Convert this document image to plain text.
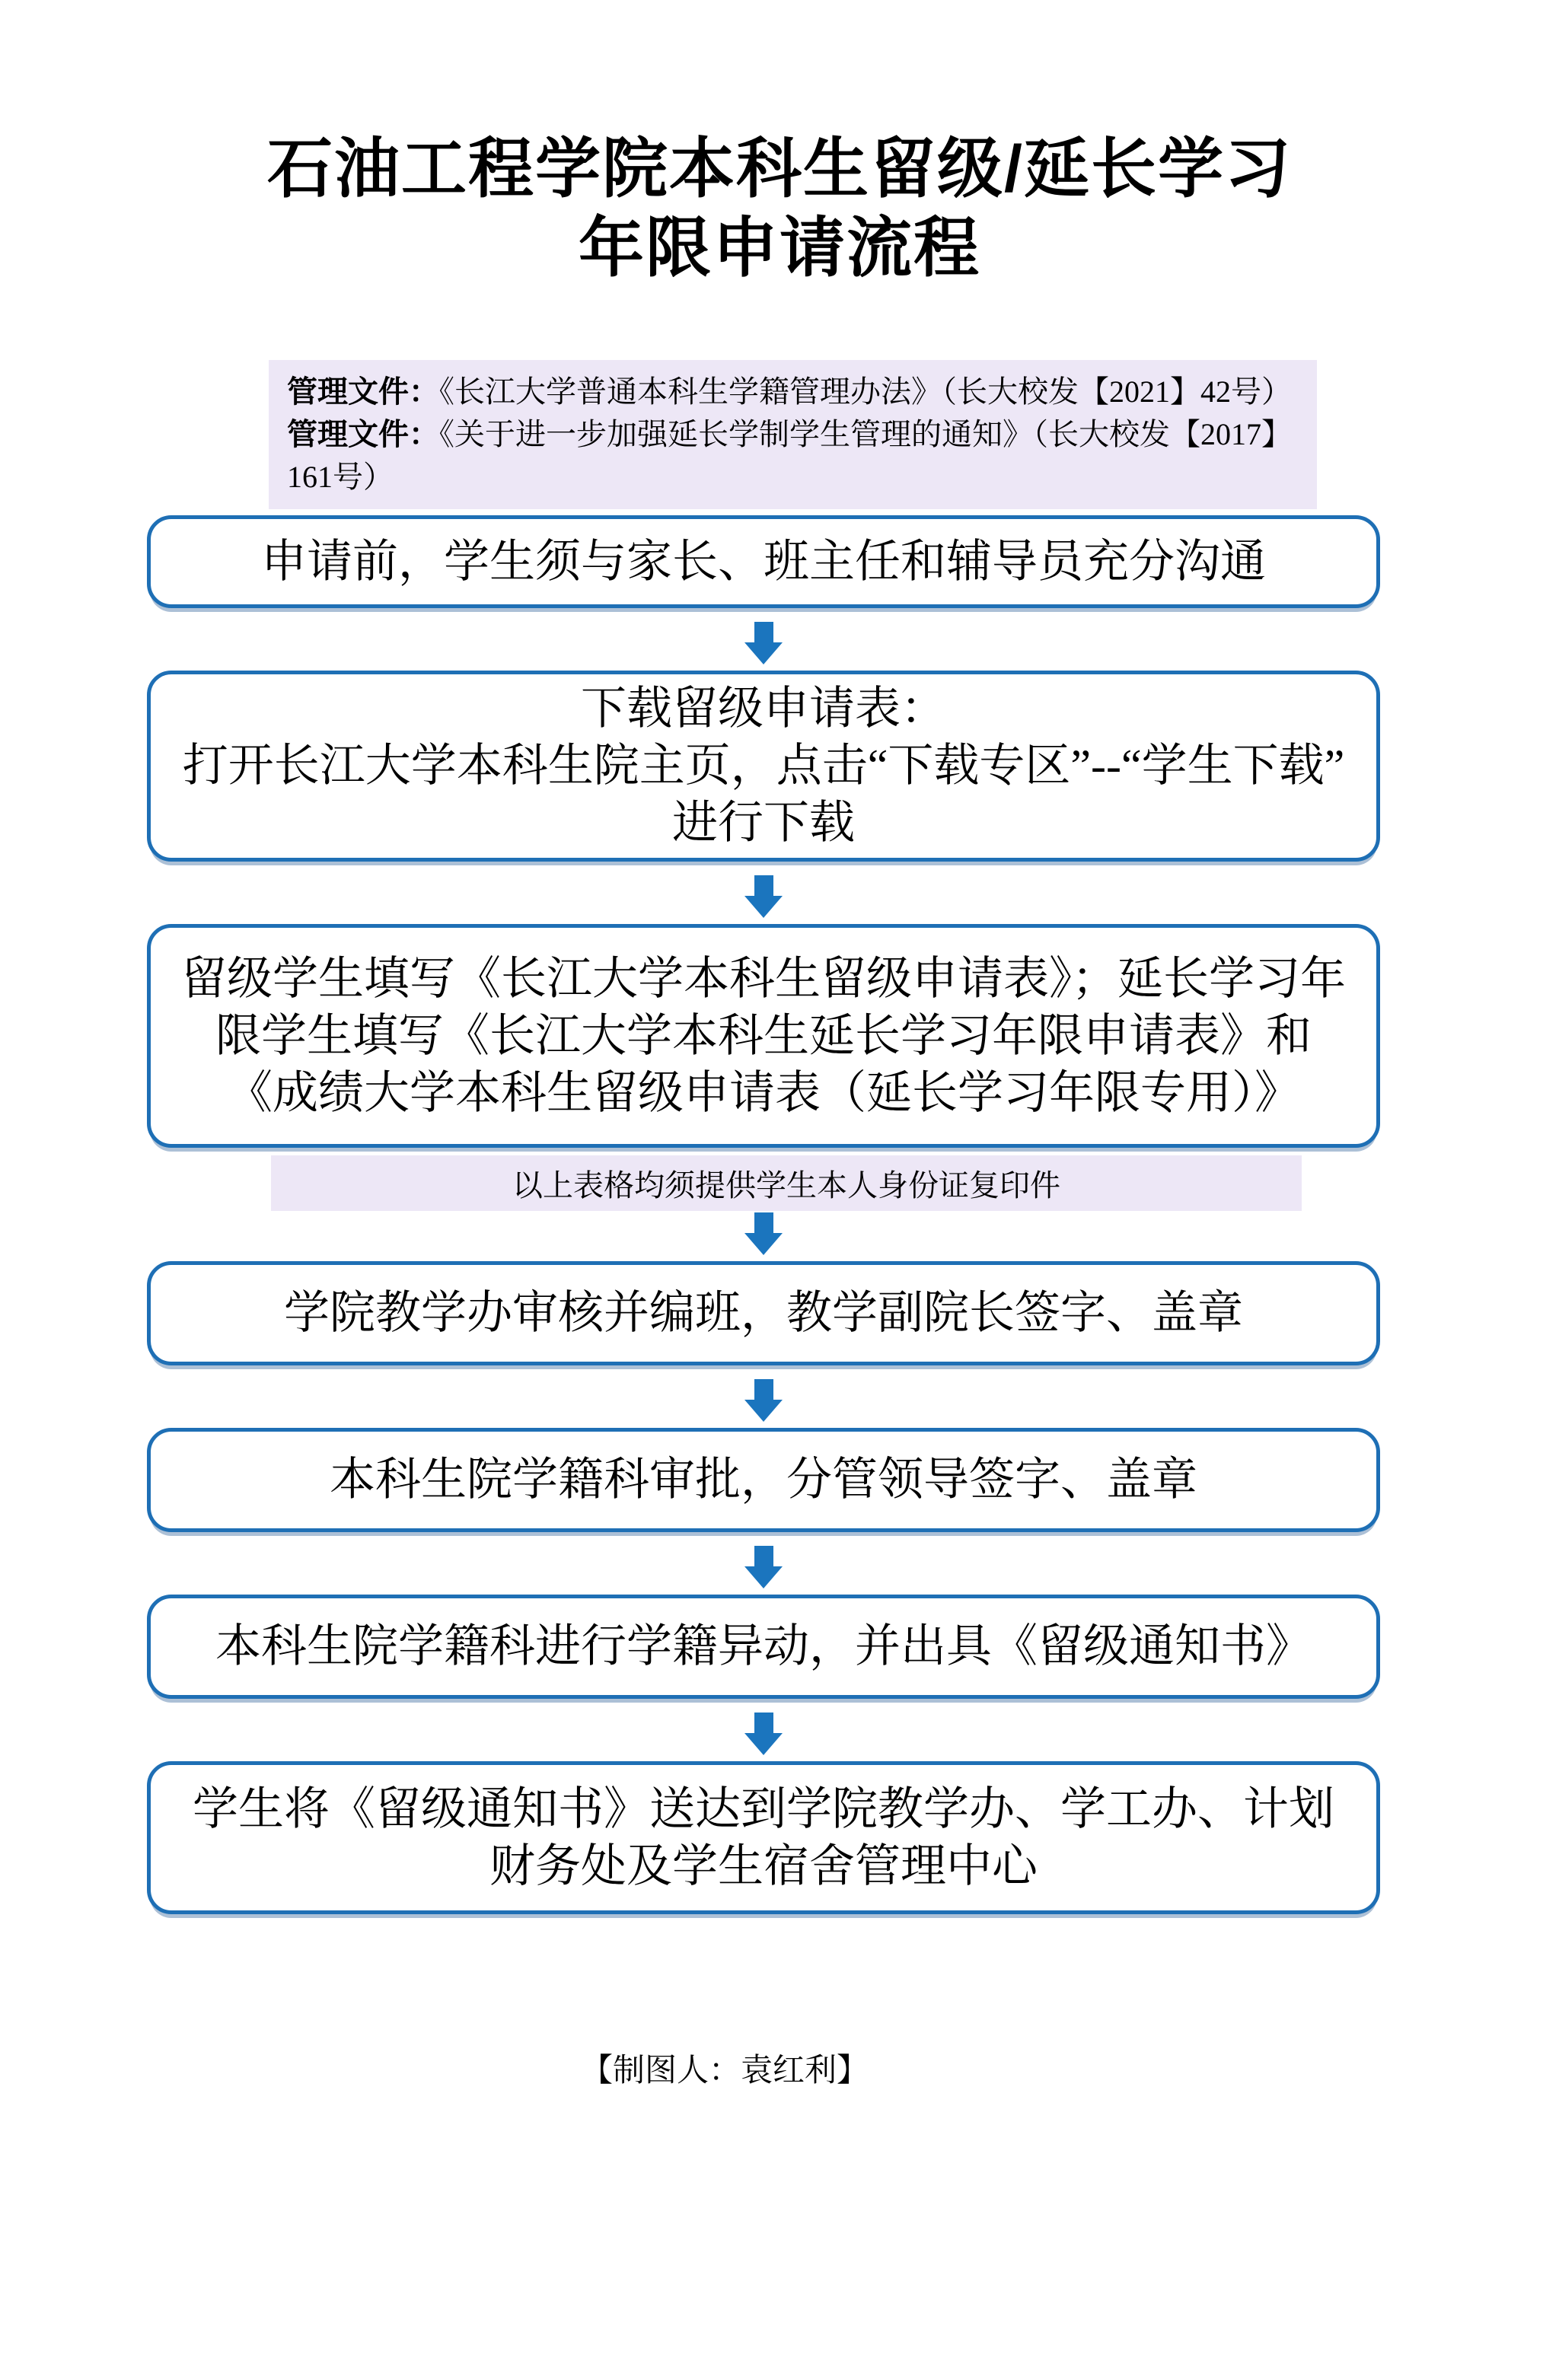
石油工程学院本科生留级/延长学习
年限申请流程

管理文件：《长江大学普通本科生学籍管理办法》（长大校发【2021】42号）

管理文件：《关于进一步加强延长学制学生管理的通知》（长大校发【2017】161号）

申请前，学生须与家长、班主任和辅导员充分沟通
下载留级申请表：
打开长江大学本科生院主页，点击“下载专区”--“学生下载”进行下载
留级学生填写《长江大学本科生留级申请表》；延长学习年限学生填写《长江大学本科生延长学习年限申请表》和《成绩大学本科生留级申请表（延长学习年限专用）》
以上表格均须提供学生本人身份证复印件
学院教学办审核并编班，教学副院长签字、盖章
本科生院学籍科审批，分管领导签字、盖章
本科生院学籍科进行学籍异动，并出具《留级通知书》
学生将《留级通知书》送达到学院教学办、学工办、计划财务处及学生宿舍管理中心
【制图人：袁红利】
